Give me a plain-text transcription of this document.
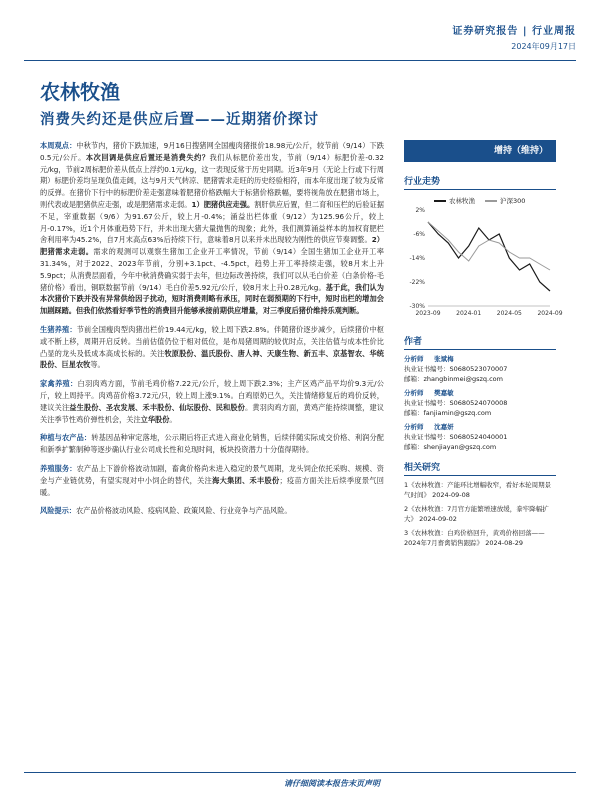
证券研究报告 | 行业周报
2024年09月17日
农林牧渔
消费失约还是供应后置——近期猪价探讨

本周观点：中秋节内，猪价下跌加速，9月16日搜猪网全国瘦肉猪报价18.98元/公斤，较节前（9/14）下跌0.5元/公斤。本次回调是供应后置还是消费失约？我们从标肥价差出发，节前（9/14）标肥价差-0.32元/kg，节前2周标肥价差从低点上浮约0.1元/kg，这一表现反常于历史同期。近3年9月（无论上行或下行周期）标肥价差均呈现负值走阔，这与9月天气转凉、肥猪需求走旺的历史经验相符，而本年度出现了较为反常的反弹。在猪价下行中的标肥价差走强意味着肥猪价格跌幅大于标猪价格跌幅，要将视角放在肥猪市场上，则代表或是肥猪供应走强，或是肥猪需求走弱。1）肥猪供应走强。割肝供应后置，但二育和压栏的后验证据不足，宰重数据（9/6）为91.67公斤，较上月-0.4%；涌益出栏体重（9/12）为125.96公斤，较上月-0.17%，近1个月体重趋势下行，并未出现大猪大量抛售的现象；此外，我们测算涌益样本的加权育肥栏舍利用率为45.2%，自7月末高点63%后持续下行，意味着8月以来并未出现较为刚性的供应节奏调整。2）肥猪需求走弱。需求的观测可以观察生猪加工企业开工率情况，节前（9/14）全国生猪加工企业开工率31.34%，对于2022、2023年节前，分别+3.1pct、-4.5pct，趋势上开工率持续走强，较8月末上升5.9pct；从消费层面看，今年中秋消费确实弱于去年，但边际改善持续，我们可以从毛白价差（白条价格-毛猪价格）看出，铜联数据节前（9/14）毛白价差5.92元/公斤，较8月末上升0.28元/kg。基于此，我们认为本次猪价下跌并没有异常供给因子扰动，短时消费则略有承压，同时在弱预期的下行中，短时出栏的增加会加剧踩踏。但我们依然看好季节性的消费回升能够承接前期供应增量，对三季度后猪价维持乐观判断。

生猪养殖：节前全国瘦肉型肉猪出栏价19.44元/kg，较上周下跌2.8%。伴随猪价逐步减少，后续猪价中枢或不断上移，周期开启反转。当前估值仍位于相对低位，是布局猪周期的较优时点，关注估值与成本性价比凸显的龙头及低成本高成长标的。关注牧原股份、温氏股份、唐人神、天康生物、新五丰、京基智农、华统股份、巨星农牧等。

家禽养殖：白羽肉鸡方面，节前毛鸡价格7.22元/公斤，较上周下跌2.3%；主产区鸡产品平均价9.3元/公斤，较上周持平。肉鸡苗价格3.72元/只，较上周上涨9.1%。白鸡原奶已久，关注情绪修复后的鸡价反转，建议关注益生股份、圣农发展、禾丰股份、仙坛股份、民和股份。黄羽肉鸡方面，黄鸡产能持续调整，建议关注季节性鸡价弹性机会，关注立华股份。

种植与农产品：转基因品种审定落地，公示期后将正式进入商业化销售，后续伴随实际成交价格、利润分配和新季扩繁制种等逐步确认行业公司成长性和兑现时间，板块投资潜力十分值得期待。

养殖服务：农产品上下游价格波动加剧，畜禽价格尚未进入稳定的景气周期，龙头饲企依托采购、规模、资金与产业链优势，有望实现对中小饲企的替代，关注海大集团、禾丰股份；疫苗方面关注后续季度景气回暖。

风险提示：农产品价格波动风险、疫病风险、政策风险、行业竞争与产品风险。

增持（维持）
行业走势
农林牧渔	沪深300
2%
-6%
-14%
-22%
-30%
2023-09	2024-01	2024-05	2024-09
作者
分析师 张斌梅
执业证书编号：S0680523070007
邮箱：zhangbinmei@gszq.com
分析师 樊嘉敏
执业证书编号：S0680524070008
邮箱：fanjiamin@gszq.com
分析师 沈嘉妍
执业证书编号：S0680524040001
邮箱：shenjiayan@gszq.com
相关研究
1《农林牧渔：产能环比增幅收窄，看好本轮周期景气时间》 2024-09-08
2《农林牧渔：7月官方能繁增速放缓，豢牢降幅扩大》 2024-09-02
3《农林牧渔：白鸡价格回升，黄鸡价格回落——2024年7月畜禽销售跟踪》 2024-08-29
请仔细阅读本报告末页声明
